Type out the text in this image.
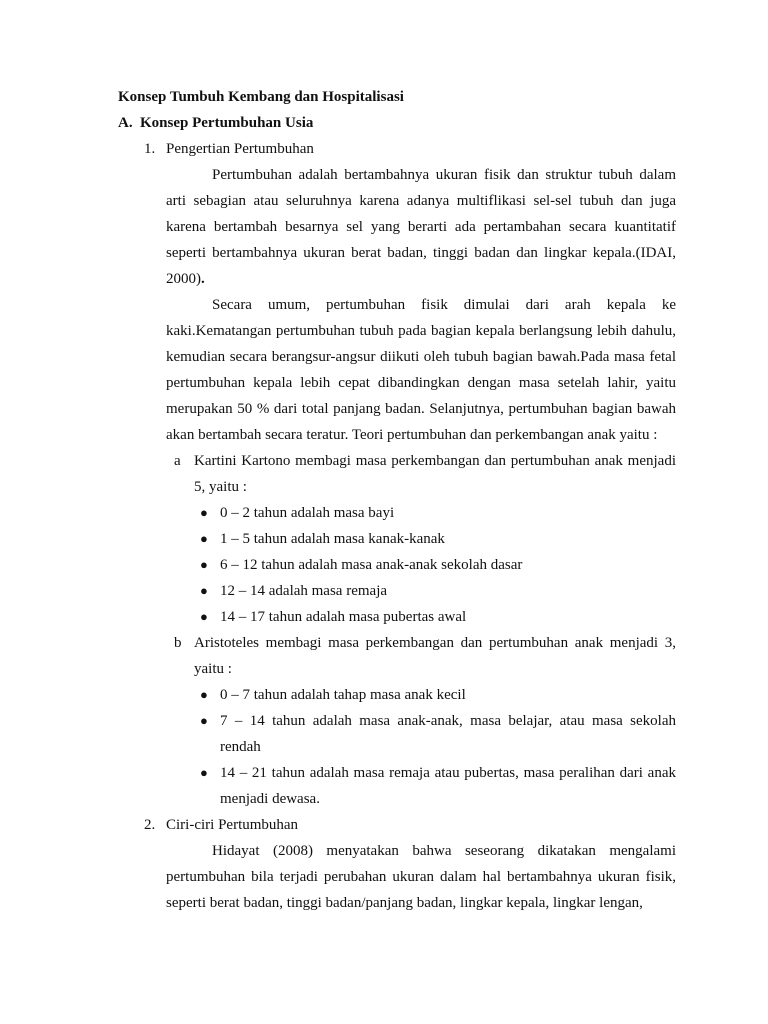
Konsep Tumbuh Kembang dan Hospitalisasi
A. Konsep Pertumbuhan Usia
1. Pengertian Pertumbuhan
Pertumbuhan adalah bertambahnya ukuran fisik dan struktur tubuh dalam arti sebagian atau seluruhnya karena adanya multiflikasi sel-sel tubuh dan juga karena bertambah besarnya sel yang berarti ada pertambahan secara kuantitatif seperti bertambahnya ukuran berat badan, tinggi badan dan lingkar kepala.(IDAI, 2000).
Secara umum, pertumbuhan fisik dimulai dari arah kepala ke kaki.Kematangan pertumbuhan tubuh pada bagian kepala berlangsung lebih dahulu, kemudian secara berangsur-angsur diikuti oleh tubuh bagian bawah.Pada masa fetal pertumbuhan kepala lebih cepat dibandingkan dengan masa setelah lahir, yaitu merupakan 50 % dari total panjang badan. Selanjutnya, pertumbuhan bagian bawah akan bertambah secara teratur. Teori pertumbuhan dan perkembangan anak yaitu :
a Kartini Kartono membagi masa perkembangan dan pertumbuhan anak menjadi 5, yaitu :
● 0 – 2 tahun adalah masa bayi
● 1 – 5 tahun adalah masa kanak-kanak
● 6 – 12 tahun adalah masa anak-anak sekolah dasar
● 12 – 14 adalah masa remaja
● 14 – 17 tahun adalah masa pubertas awal
b Aristoteles membagi masa perkembangan dan pertumbuhan anak menjadi 3, yaitu :
● 0 – 7 tahun adalah tahap masa anak kecil
● 7 – 14 tahun adalah masa anak-anak, masa belajar, atau masa sekolah rendah
● 14 – 21 tahun adalah masa remaja atau pubertas, masa peralihan dari anak menjadi dewasa.
2. Ciri-ciri Pertumbuhan
Hidayat (2008) menyatakan bahwa seseorang dikatakan mengalami pertumbuhan bila terjadi perubahan ukuran dalam hal bertambahnya ukuran fisik, seperti berat badan, tinggi badan/panjang badan, lingkar kepala, lingkar lengan,
